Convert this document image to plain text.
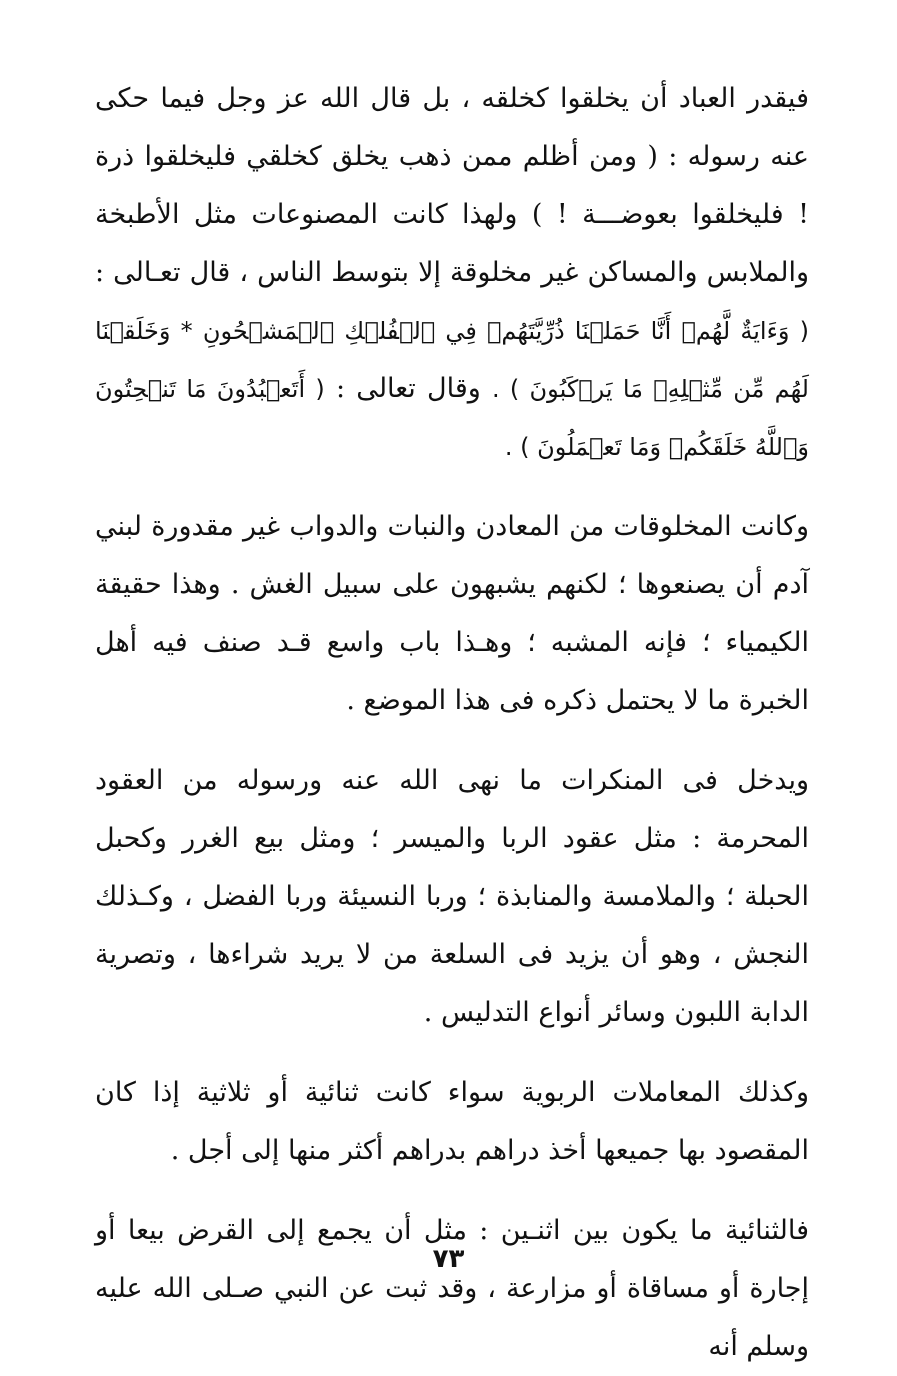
فيقدر العباد أن يخلقوا كخلقه ، بل قال الله عز وجل فيما حكى عنه رسوله : ( ومن أظلم ممن ذهب يخلق كخلقي فليخلقوا ذرة ! فليخلقوا بعوضـــة ! ) ولهذا كانت المصنوعات مثل الأطبخة والملابس والمساكن غير مخلوقة إلا بتوسط الناس ، قال تعـالى : ( وَءَايَةٌ لَّهُمۡ أَنَّا حَمَلۡنَا ذُرِّيَّتَهُمۡ فِي ٱلۡفُلۡكِ ٱلۡمَشۡحُونِ * وَخَلَقۡنَا لَهُم مِّن مِّثۡلِهِۦ مَا يَرۡكَبُونَ ) . وقال تعالى : ( أَتَعۡبُدُونَ مَا تَنۡحِتُونَ وَٱللَّهُ خَلَقَكُمۡ وَمَا تَعۡمَلُونَ ) .

وكانت المخلوقات من المعادن والنبات والدواب غير مقدورة لبني آدم أن يصنعوها ؛ لكنهم يشبهون على سبيل الغش . وهذا حقيقة الكيمياء ؛ فإنه المشبه ؛ وهـذا باب واسع قـد صنف فيه أهل الخبرة ما لا يحتمل ذكره فى هذا الموضع .

ويدخل فى المنكرات ما نهى الله عنه ورسوله من العقود المحرمة : مثل عقود الربا والميسر ؛ ومثل بيع الغرر وكحبل الحبلة ؛ والملامسة والمنابذة ؛ وربا النسيئة وربا الفضل ، وكـذلك النجش ، وهو أن يزيد فى السلعة من لا يريد شراءها ، وتصرية الدابة اللبون وسائر أنواع التدليس .

وكذلك المعاملات الربوية سواء كانت ثنائية أو ثلاثية إذا كان المقصود بها جميعها أخذ دراهم بدراهم أكثر منها إلى أجل .

فالثنائية ما يكون بين اثنـين : مثل أن يجمع إلى القرض بيعا أو إجارة أو مساقاة أو مزارعة ، وقد ثبت عن النبي صـلى الله عليه وسلم أنه

٧٣
